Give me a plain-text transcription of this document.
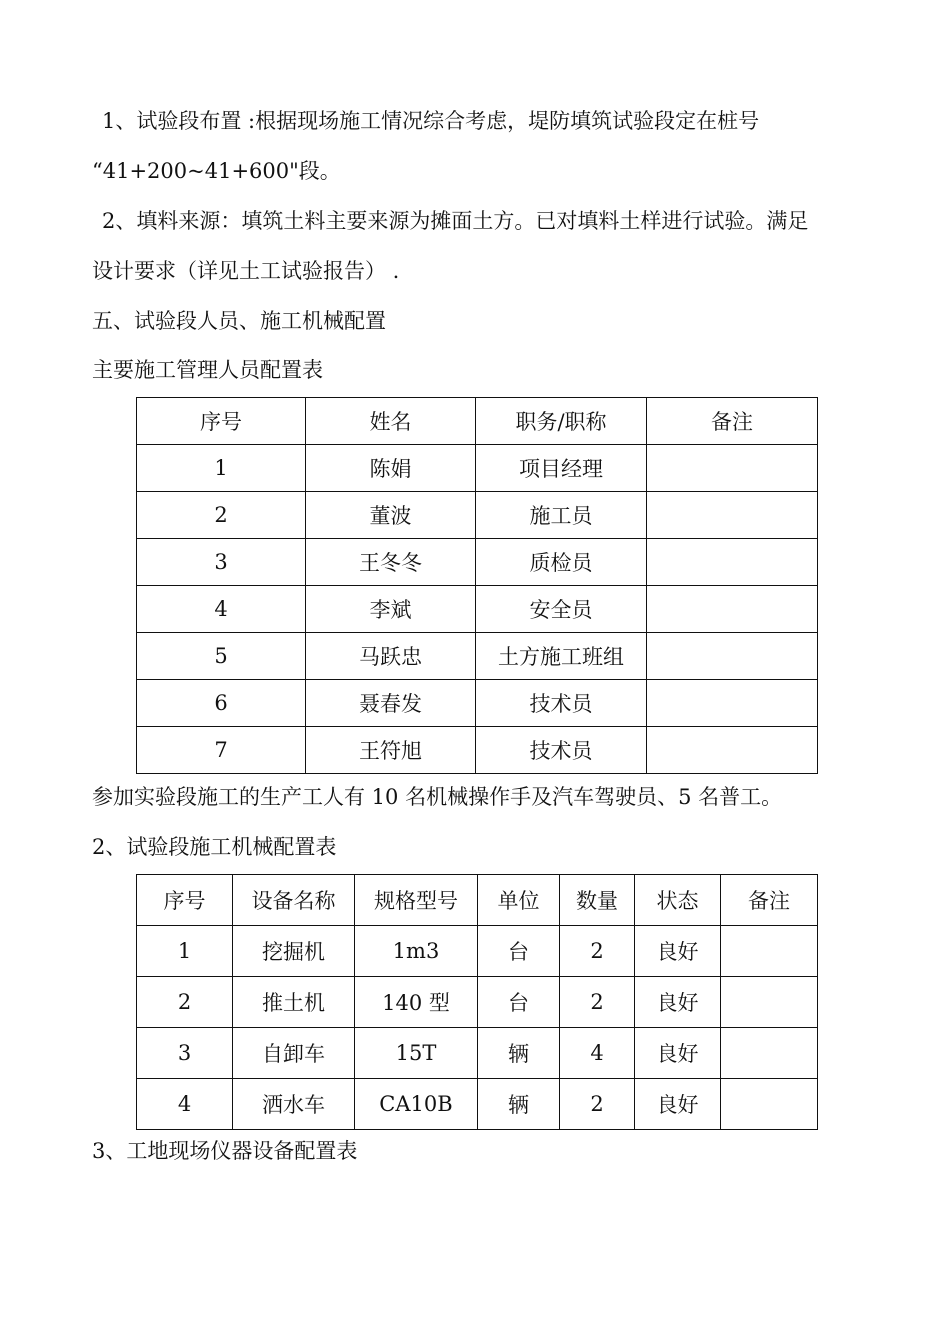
1、试验段布置 :根据现场施工情况综合考虑，堤防填筑试验段定在桩号
“41+200~41+600"段。
2、填料来源：填筑土料主要来源为摊面土方。已对填料土样进行试验。满足
设计要求（详见土工试验报告） .
五、试验段人员、施工机械配置
主要施工管理人员配置表
序号	姓名	职务/职称	备注
1	陈娟	项目经理	
2	董波	施工员	
3	王冬冬	质检员	
4	李斌	安全员	
5	马跃忠	土方施工班组	
6	聂春发	技术员	
7	王符旭	技术员	
参加实验段施工的生产工人有 10 名机械操作手及汽车驾驶员、5 名普工。
2、试验段施工机械配置表
序号	设备名称	规格型号	单位	数量	状态	备注
1	挖掘机	1m3	台	2	良好	
2	推土机	140 型	台	2	良好	
3	自卸车	15T	辆	4	良好	
4	洒水车	CA10B	辆	2	良好	
3、工地现场仪器设备配置表
